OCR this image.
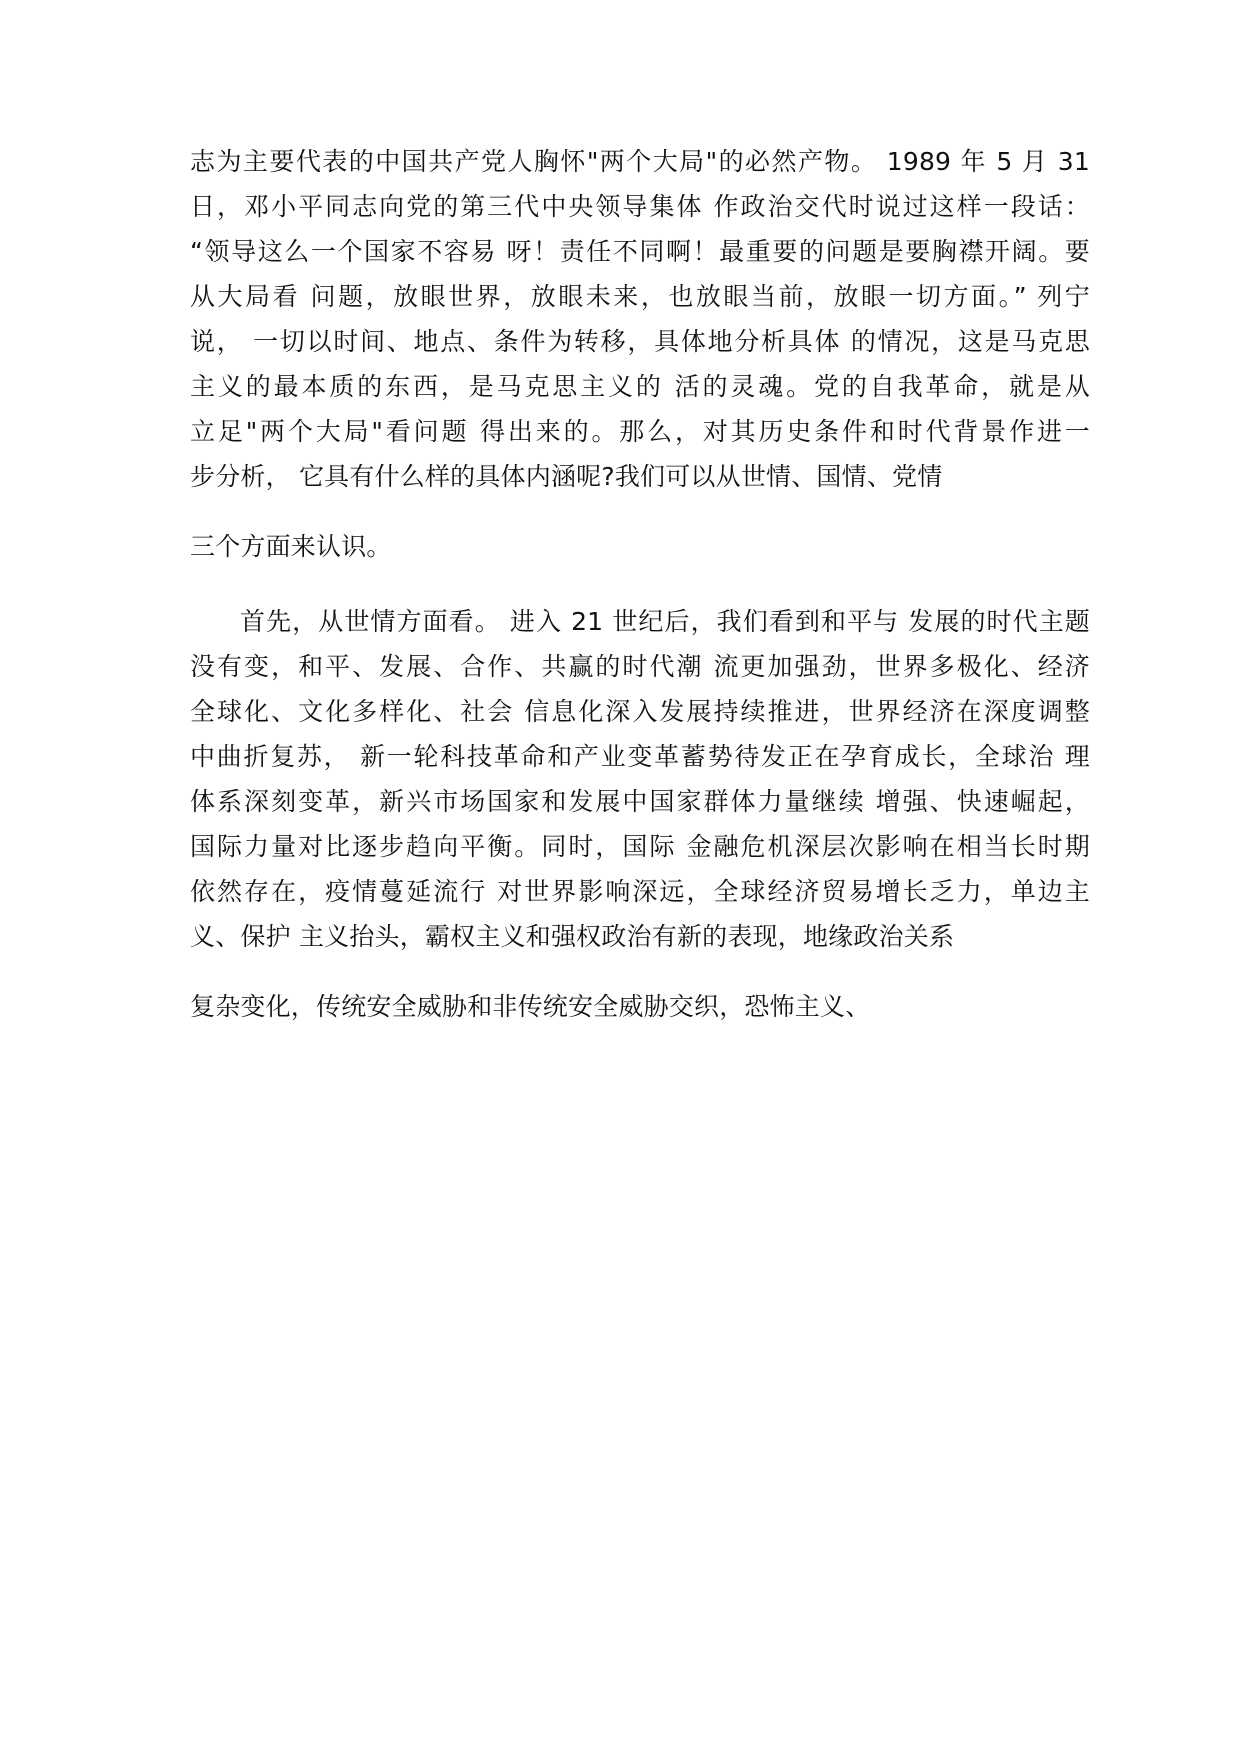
志为主要代表的中国共产党人胸怀"两个大局"的必然产物。 1989 年 5 月 31

日，邓小平同志向党的第三代中央领导集体 作政治交代时说过这样一段话：

“领导这么一个国家不容易 呀！责任不同啊！最重要的问题是要胸襟开阔。要

从大局看 问题，放眼世界，放眼未来，也放眼当前，放眼一切方面。” 列宁

说， 一切以时间、地点、条件为转移，具体地分析具体 的情况，这是马克思

主义的最本质的东西，是马克思主义的 活的灵魂。党的自我革命，就是从

立足"两个大局"看问题 得出来的。那么，对其历史条件和时代背景作进一

步分析， 它具有什么样的具体内涵呢?我们可以从世情、国情、党情

三个方面来认识。

首先，从世情方面看。 进入 21 世纪后，我们看到和平与 发展的时代主题

没有变，和平、发展、合作、共赢的时代潮 流更加强劲，世界多极化、经济

全球化、文化多样化、社会 信息化深入发展持续推进，世界经济在深度调整

中曲折复苏， 新一轮科技革命和产业变革蓄势待发正在孕育成长，全球治 理

体系深刻变革，新兴市场国家和发展中国家群体力量继续 增强、快速崛起，

国际力量对比逐步趋向平衡。同时，国际 金融危机深层次影响在相当长时期

依然存在，疫情蔓延流行 对世界影响深远，全球经济贸易增长乏力，单边主

义、保护 主义抬头，霸权主义和强权政治有新的表现，地缘政治关系

复杂变化，传统安全威胁和非传统安全威胁交织，恐怖主义、
